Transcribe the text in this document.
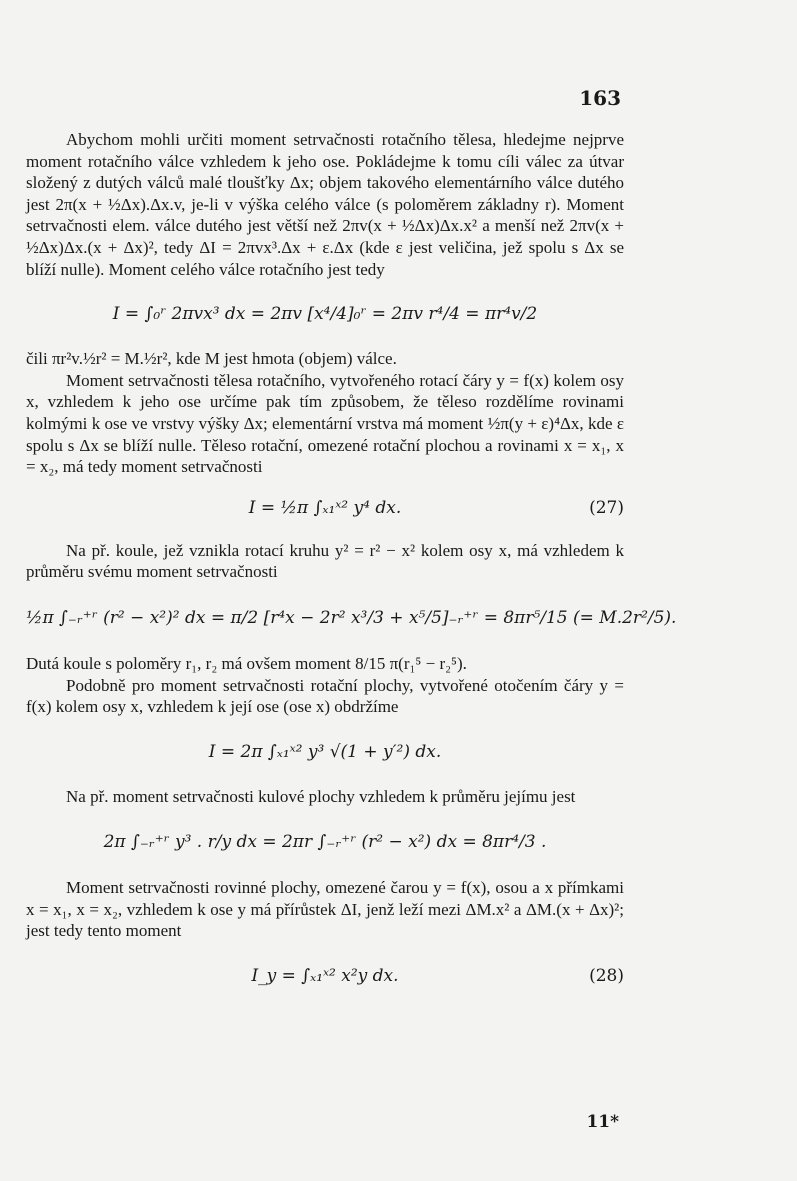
163

Abychom mohli určiti moment setrvačnosti rotačního tělesa, hledejme nejprve moment rotačního válce vzhledem k jeho ose. Pokládejme k tomu cíli válec za útvar složený z dutých válců malé tloušťky Δx; objem takového elementárního válce dutého jest 2π(x + ½Δx).Δx.v, je-li v výška celého válce (s poloměrem základny r). Moment setrvačnosti elem. válce dutého jest větší než 2πv(x + ½Δx)Δx.x² a menší než 2πv(x + ½Δx)Δx.(x + Δx)², tedy ΔI = 2πvx³.Δx + ε.Δx (kde ε jest veličina, jež spolu s Δx se blíží nulle). Moment celého válce rotačního jest tedy

I = ∫₀ʳ 2πvx³ dx = 2πv [x⁴/4]₀ʳ = 2πv r⁴/4 = πr⁴v/2

čili πr²v.½r² = M.½r², kde M jest hmota (objem) válce.

Moment setrvačnosti tělesa rotačního, vytvořeného rotací čáry y = f(x) kolem osy x, vzhledem k jeho ose určíme pak tím způsobem, že těleso rozdělíme rovinami kolmými k ose ve vrstvy výšky Δx; elementární vrstva má moment ½π(y + ε)⁴Δx, kde ε spolu s Δx se blíží nulle. Těleso rotační, omezené rotační plochou a rovinami x = x₁, x = x₂, má tedy moment setrvačnosti

I = ½π ∫ₓ₁ˣ² y⁴ dx.	(27)

Na př. koule, jež vznikla rotací kruhu y² = r² − x² kolem osy x, má vzhledem k průměru svému moment setrvačnosti

½π ∫₋ᵣ⁺ʳ (r² − x²)² dx = π/2 [r⁴x − 2r² x³/3 + x⁵/5]₋ᵣ⁺ʳ = 8πr⁵/15 (= M.2r²/5).

Dutá koule s poloměry r₁, r₂ má ovšem moment 8/15 π(r₁⁵ − r₂⁵).

Podobně pro moment setrvačnosti rotační plochy, vytvořené otočením čáry y = f(x) kolem osy x, vzhledem k její ose (ose x) obdržíme

I = 2π ∫ₓ₁ˣ² y³ √(1 + y′²) dx.

Na př. moment setrvačnosti kulové plochy vzhledem k průměru jejímu jest

2π ∫₋ᵣ⁺ʳ y³ . r/y dx = 2πr ∫₋ᵣ⁺ʳ (r² − x²) dx = 8πr⁴/3 .

Moment setrvačnosti rovinné plochy, omezené čarou y = f(x), osou a x přímkami x = x₁, x = x₂, vzhledem k ose y má přírůstek ΔI, jenž leží mezi ΔM.x² a ΔM.(x + Δx)²; jest tedy tento moment

I_y = ∫ₓ₁ˣ² x²y dx.	(28)
11*
